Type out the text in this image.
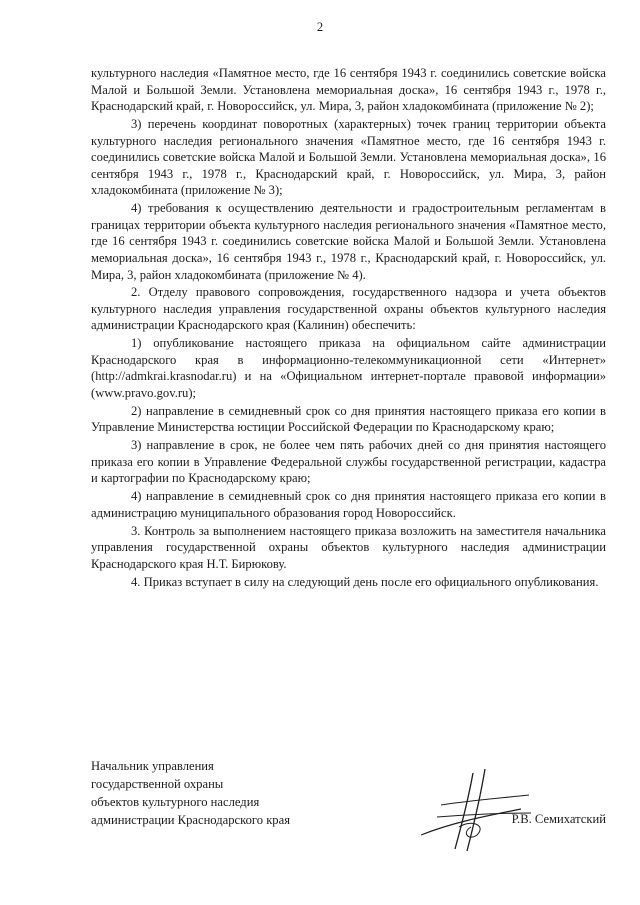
2

культурного наследия «Памятное место, где 16 сентября 1943 г. соединились советские войска Малой и Большой Земли. Установлена мемориальная доска», 16 сентября 1943 г., 1978 г., Краснодарский край, г. Новороссийск, ул. Мира, 3, район хладокомбината (приложение № 2);

3) перечень координат поворотных (характерных) точек границ территории объекта культурного наследия регионального значения «Памятное место, где 16 сентября 1943 г. соединились советские войска Малой и Большой Земли. Установлена мемориальная доска», 16 сентября 1943 г., 1978 г., Краснодарский край, г. Новороссийск, ул. Мира, 3, район хладокомбината (приложение № 3);

4) требования к осуществлению деятельности и градостроительным регламентам в границах территории объекта культурного наследия регионального значения «Памятное место, где 16 сентября 1943 г. соединились советские войска Малой и Большой Земли. Установлена мемориальная доска», 16 сентября 1943 г., 1978 г., Краснодарский край, г. Новороссийск, ул. Мира, 3, район хладокомбината (приложение № 4).

2. Отделу правового сопровождения, государственного надзора и учета объектов культурного наследия управления государственной охраны объектов культурного наследия администрации Краснодарского края (Калинин) обеспечить:

1) опубликование настоящего приказа на официальном сайте администрации Краснодарского края в информационно-телекоммуникационной сети «Интернет» (http://admkrai.krasnodar.ru) и на «Официальном интернет-портале правовой информации» (www.pravo.gov.ru);

2) направление в семидневный срок со дня принятия настоящего приказа его копии в Управление Министерства юстиции Российской Федерации по Краснодарскому краю;

3) направление в срок, не более чем пять рабочих дней со дня принятия настоящего приказа его копии в Управление Федеральной службы государственной регистрации, кадастра и картографии по Краснодарскому краю;

4) направление в семидневный срок со дня принятия настоящего приказа его копии в администрацию муниципального образования город Новороссийск.

3. Контроль за выполнением настоящего приказа возложить на заместителя начальника управления государственной охраны объектов культурного наследия администрации Краснодарского края Н.Т. Бирюкову.

4. Приказ вступает в силу на следующий день после его официального опубликования.

Начальник управления
государственной охраны
объектов культурного наследия
администрации Краснодарского края	Р.В. Семихатский
